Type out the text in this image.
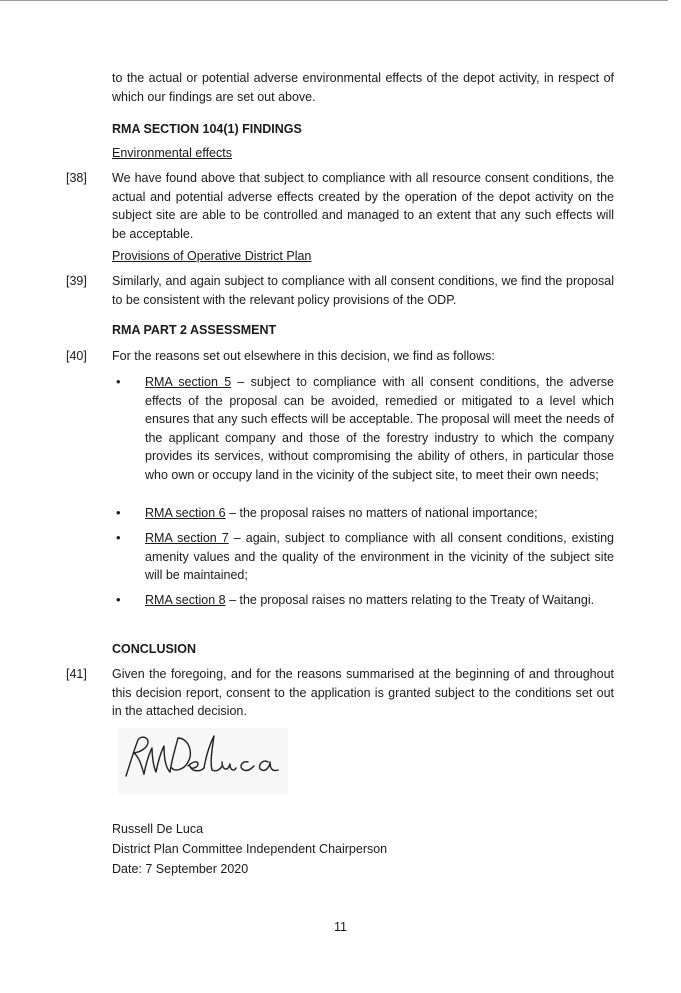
to the actual or potential adverse environmental effects of the depot activity, in respect of which our findings are set out above.
RMA SECTION 104(1) FINDINGS
Environmental effects
[38] We have found above that subject to compliance with all resource consent conditions, the actual and potential adverse effects created by the operation of the depot activity on the subject site are able to be controlled and managed to an extent that any such effects will be acceptable.
Provisions of Operative District Plan
[39] Similarly, and again subject to compliance with all consent conditions, we find the proposal to be consistent with the relevant policy provisions of the ODP.
RMA PART 2 ASSESSMENT
[40] For the reasons set out elsewhere in this decision, we find as follows:
• RMA section 5 – subject to compliance with all consent conditions, the adverse effects of the proposal can be avoided, remedied or mitigated to a level which ensures that any such effects will be acceptable. The proposal will meet the needs of the applicant company and those of the forestry industry to which the company provides its services, without compromising the ability of others, in particular those who own or occupy land in the vicinity of the subject site, to meet their own needs;
• RMA section 6 – the proposal raises no matters of national importance;
• RMA section 7 – again, subject to compliance with all consent conditions, existing amenity values and the quality of the environment in the vicinity of the subject site will be maintained;
• RMA section 8 – the proposal raises no matters relating to the Treaty of Waitangi.
CONCLUSION
[41] Given the foregoing, and for the reasons summarised at the beginning of and throughout this decision report, consent to the application is granted subject to the conditions set out in the attached decision.
Russell De Luca
District Plan Committee Independent Chairperson
Date: 7 September 2020
11
